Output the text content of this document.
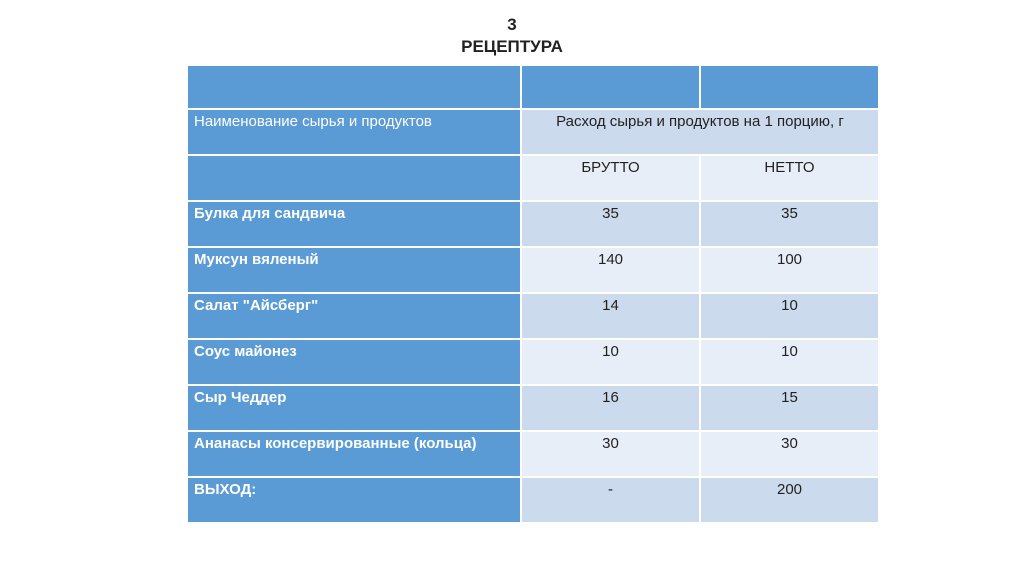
3
РЕЦЕПТУРА

Наименование сырья и продуктов	Расход сырья и продуктов на 1 порцию, г	
	БРУТТО	НЕТТО
Булка для сандвича	35	35
Муксун вяленый	140	100
Салат "Айсберг"	14	10
Соус майонез	10	10
Сыр Чеддер	16	15
Ананасы консервированные (кольца)	30	30
ВЫХОД:	-	200
